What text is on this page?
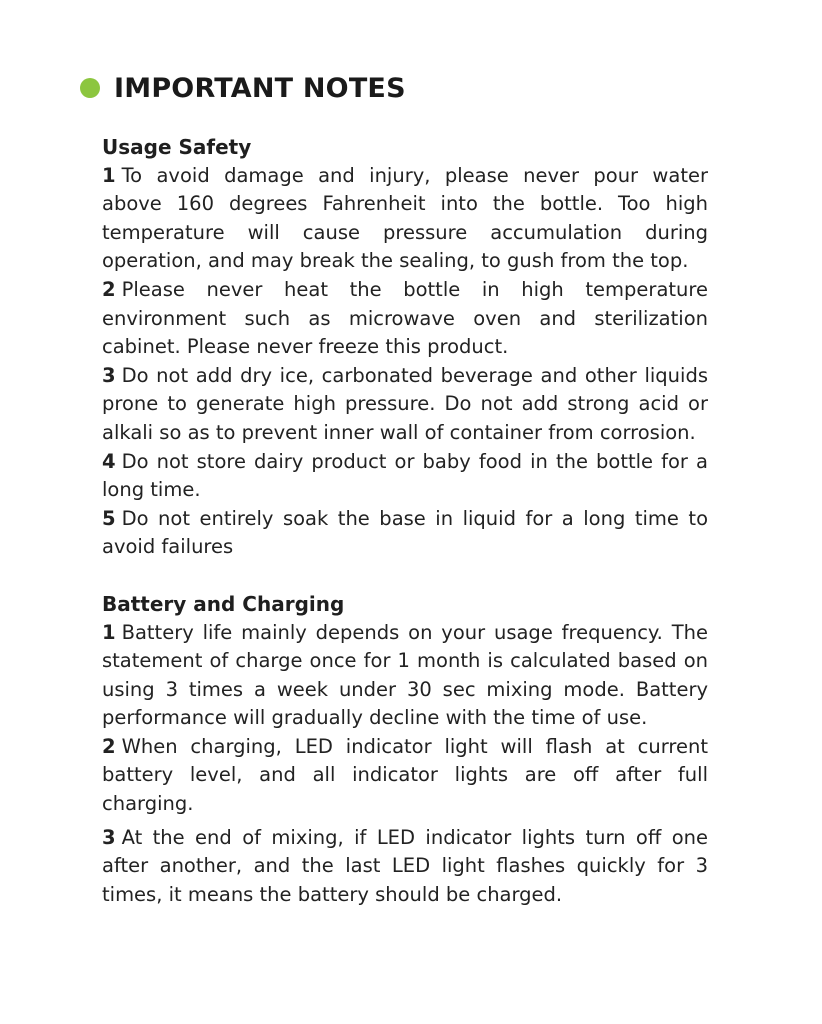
IMPORTANT NOTES
Usage Safety
1 To avoid damage and injury, please never pour water above 160 degrees Fahrenheit into the bottle. Too high temperature will cause pressure accumulation during operation, and may break the sealing, to gush from the top.
2 Please never heat the bottle in high temperature environment such as microwave oven and sterilization cabinet. Please never freeze this product.
3 Do not add dry ice, carbonated beverage and other liquids prone to generate high pressure. Do not add strong acid or alkali so as to prevent inner wall of container from corrosion.
4 Do not store dairy product or baby food in the bottle for a long time.
5 Do not entirely soak the base in liquid for a long time to avoid failures
Battery and Charging
1 Battery life mainly depends on your usage frequency. The statement of charge once for 1 month is calculated based on using 3 times a week under 30 sec mixing mode. Battery performance will gradually decline with the time of use.
2 When charging, LED indicator light will flash at current battery level, and all indicator lights are off after full charging.
3 At the end of mixing, if LED indicator lights turn off one after another, and the last LED light flashes quickly for 3 times, it means the battery should be charged.
